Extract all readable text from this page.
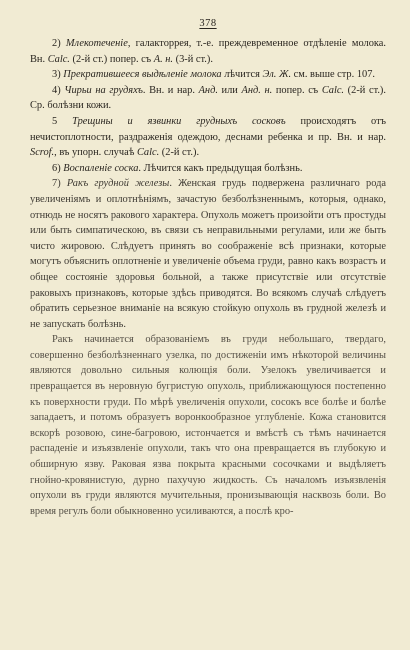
378

2) Млекотеченіе, галакторрея, т.-е. преждевременное отдѣленіе молока. Вн. Calc. (2-й ст.) попер. съ А. н. (3-й ст.).

3) Прекратившееся выдѣленіе молока лѣчится Эл. Ж. см. выше стр. 107.

4) Чирьи на грудяхъ. Вн. и нар. Анд. или Анд. н. попер. съ Calc. (2-й ст.). Ср. болѣзни кожи.

5 Трещины и язвинки грудныхъ сосковъ происходятъ отъ нечистоплотности, раздраженія одеждою, деснами ребенка и пр. Вн. и нар. Scrof., въ упорн. случаѣ Calc. (2-й ст.).

6) Воспаленіе соска. Лѣчится какъ предыдущая болѣзнь.

7) Ракъ грудной железы. Женская грудь подвержена различнаго рода увеличеніямъ и оплотнѣніямъ, зачастую безболѣзненнымъ, которыя, однако, отнюдь не носятъ ракового характера. Опухоль можетъ произойти отъ простуды или быть симпатическою, въ связи съ неправильными регулами, или же быть чисто жировою. Слѣдуетъ принять во соображеніе всѣ признаки, которые могутъ объяснить оплотненіе и увеличеніе объема груди, равно какъ возрастъ и общее состояніе здоровья больной, а также присутствіе или отсутствіе раковыхъ признаковъ, которые здѣсь приводятся. Во всякомъ случаѣ слѣдуетъ обратить серьезное вниманіе на всякую стойкую опухоль въ грудной железѣ и не запускать болѣзнь.

Ракъ начинается образованіемъ въ груди небольшаго, твердаго, совершенно безболѣзненнаго узелка, по достиженіи имъ нѣкоторой величины являются довольно сильныя колющія боли. Узелокъ увеличивается и превращается въ неровную бугристую опухоль, приближающуюся постепенно къ поверхности груди. По мѣрѣ увеличенія опухоли, сосокъ все болѣе и болѣе западаетъ, и потомъ образуетъ воронкообразное углубленіе. Кожа становится вскорѣ розовою, сине-багровою, истончается и вмѣстѣ съ тѣмъ начинается распаденіе и изъязвленіе опухоли, такъ что она превращается въ глубокую и обширную язву. Раковая язва покрыта красными сосочками и выдѣляетъ гнойно-кровянистую, дурно пахучую жидкость. Съ началомъ изъязвленія опухоли въ груди являются мучительныя, пронизывающія насквозь боли. Во время регулъ боли обыкновенно усиливаются, а послѣ кро-
